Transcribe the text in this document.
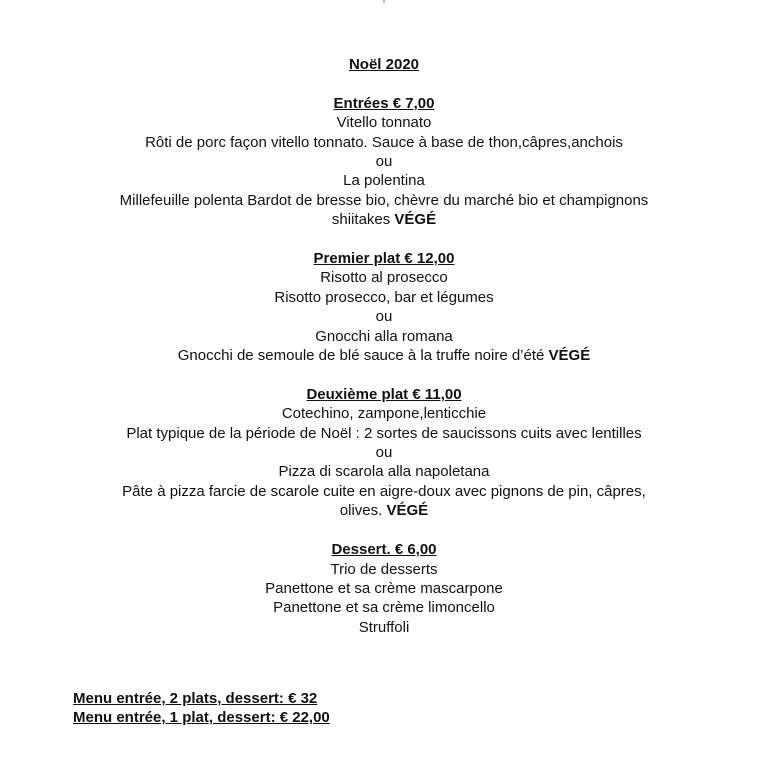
Noël 2020
Entrées € 7,00
Vitello tonnato
Rôti de porc façon vitello tonnato. Sauce à base de thon,câpres,anchois
ou
La polentina
Millefeuille polenta Bardot de bresse bio, chèvre du marché bio et champignons
shiitakes VÉGÉ
Premier plat € 12,00
Risotto al prosecco
Risotto prosecco, bar et légumes
ou
Gnocchi alla romana
Gnocchi de semoule de blé sauce à la truffe noire d’été VÉGÉ
Deuxième plat € 11,00
Cotechino, zampone,lenticchie
Plat typique de la période de Noël : 2 sortes de saucissons cuits avec lentilles
ou
Pizza di scarola alla napoletana
Pâte à pizza farcie de scarole cuite en aigre-doux avec pignons de pin, câpres,
olives. VÉGÉ
Dessert. € 6,00
Trio de desserts
Panettone et sa crème mascarpone
Panettone et sa crème limoncello
Struffoli
Menu entrée, 2 plats, dessert: € 32
Menu entrée, 1 plat, dessert: € 22,00
